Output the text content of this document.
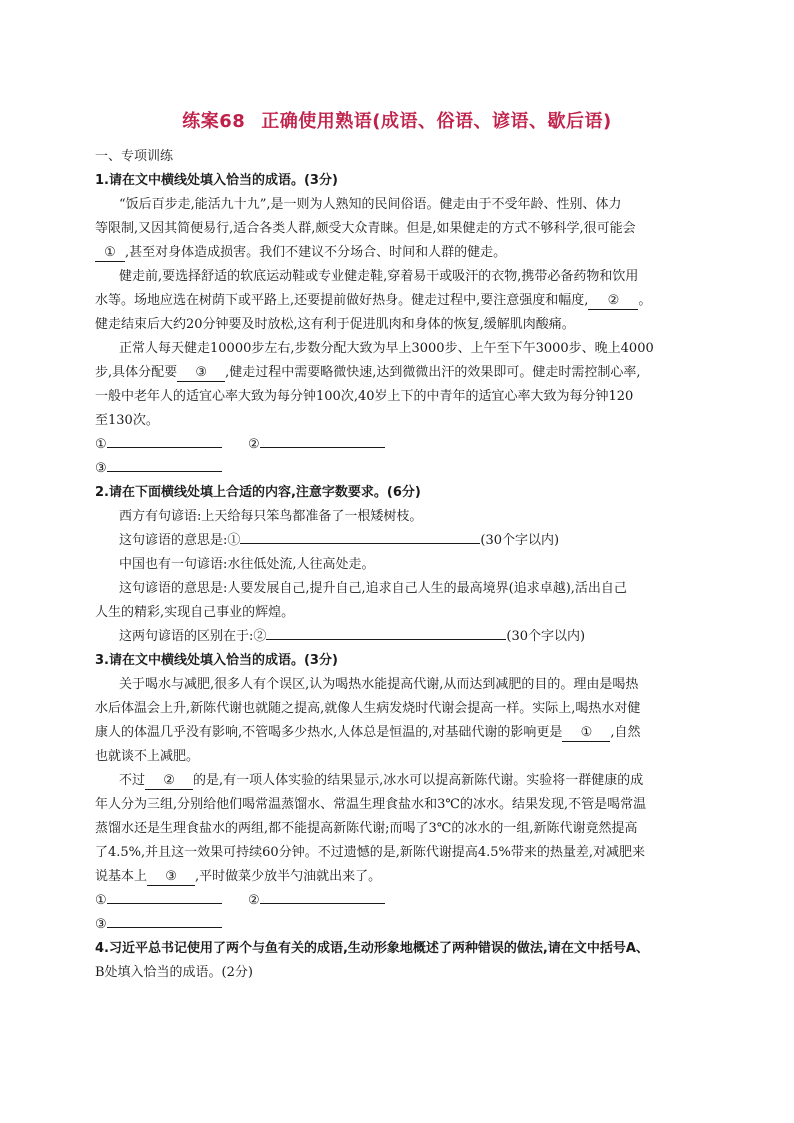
练案68 正确使用熟语(成语、俗语、谚语、歇后语)
一、专项训练
1.请在文中横线处填入恰当的成语。(3分)
“饭后百步走,能活九十九”,是一则为人熟知的民间俗语。健走由于不受年龄、性别、体力
等限制,又因其简便易行,适合各类人群,颇受大众青睐。但是,如果健走的方式不够科学,很可能会
① ,甚至对身体造成损害。我们不建议不分场合、时间和人群的健走。
健走前,要选择舒适的软底运动鞋或专业健走鞋,穿着易干或吸汗的衣物,携带必备药物和饮用
水等。场地应选在树荫下或平路上,还要提前做好热身。健走过程中,要注意强度和幅度, ② 。
健走结束后大约20分钟要及时放松,这有利于促进肌肉和身体的恢复,缓解肌肉酸痛。
正常人每天健走10000步左右,步数分配大致为早上3000步、上午至下午3000步、晚上4000
步,具体分配要 ③ ,健走过程中需要略微快速,达到微微出汗的效果即可。健走时需控制心率,
一般中老年人的适宜心率大致为每分钟100次,40岁上下的中青年的适宜心率大致为每分钟120
至130次。
①	②
③
2.请在下面横线处填上合适的内容,注意字数要求。(6分)
西方有句谚语:上天给每只笨鸟都准备了一根矮树枝。
这句谚语的意思是:①	(30个字以内)
中国也有一句谚语:水往低处流,人往高处走。
这句谚语的意思是:人要发展自己,提升自己,追求自己人生的最高境界(追求卓越),活出自己
人生的精彩,实现自己事业的辉煌。
这两句谚语的区别在于:②	(30个字以内)
3.请在文中横线处填入恰当的成语。(3分)
关于喝水与减肥,很多人有个误区,认为喝热水能提高代谢,从而达到减肥的目的。理由是喝热
水后体温会上升,新陈代谢也就随之提高,就像人生病发烧时代谢会提高一样。实际上,喝热水对健
康人的体温几乎没有影响,不管喝多少热水,人体总是恒温的,对基础代谢的影响更是 ① ,自然
也就谈不上减肥。
不过 ② 的是,有一项人体实验的结果显示,冰水可以提高新陈代谢。实验将一群健康的成
年人分为三组,分别给他们喝常温蒸馏水、常温生理食盐水和3℃的冰水。结果发现,不管是喝常温
蒸馏水还是生理食盐水的两组,都不能提高新陈代谢;而喝了3℃的冰水的一组,新陈代谢竟然提高
了4.5%,并且这一效果可持续60分钟。不过遗憾的是,新陈代谢提高4.5%带来的热量差,对减肥来
说基本上 ③ ,平时做菜少放半勺油就出来了。
①	②
③
4.习近平总书记使用了两个与鱼有关的成语,生动形象地概述了两种错误的做法,请在文中括号A、
B处填入恰当的成语。(2分)
